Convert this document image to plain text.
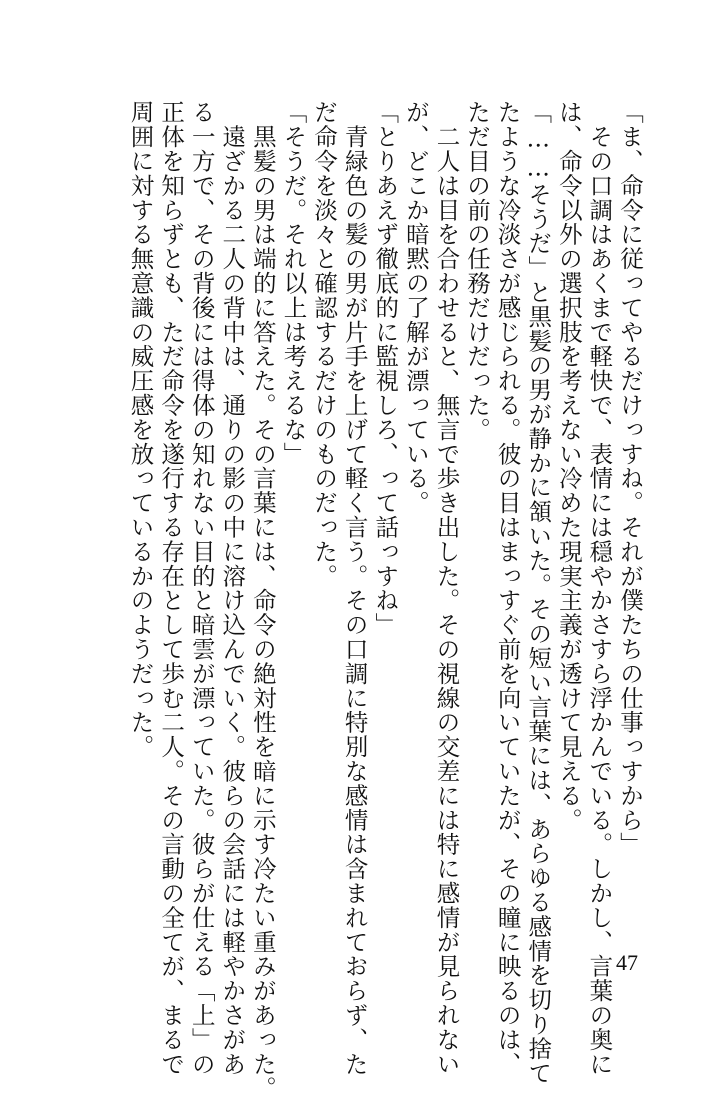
「ま、命令に従ってやるだけっすね。それが僕たちの仕事っすから」
　その口調はあくまで軽快で、表情には穏やかさすら浮かんでいる。しかし、言葉の奥に
は、命令以外の選択肢を考えない冷めた現実主義が透けて見える。
「……そうだ」と黒髪の男が静かに頷いた。その短い言葉には、あらゆる感情を切り捨て
たような冷淡さが感じられる。彼の目はまっすぐ前を向いていたが、その瞳に映るのは、
ただ目の前の任務だけだった。
　二人は目を合わせると、無言で歩き出した。その視線の交差には特に感情が見られない
が、どこか暗黙の了解が漂っている。
「とりあえず徹底的に監視しろ、って話っすね」
　青緑色の髪の男が片手を上げて軽く言う。その口調に特別な感情は含まれておらず、た
だ命令を淡々と確認するだけのものだった。
「そうだ。それ以上は考えるな」
　黒髪の男は端的に答えた。その言葉には、命令の絶対性を暗に示す冷たい重みがあった。
　遠ざかる二人の背中は、通りの影の中に溶け込んでいく。彼らの会話には軽やかさがあ
る一方で、その背後には得体の知れない目的と暗雲が漂っていた。彼らが仕える「上」の
正体を知らずとも、ただ命令を遂行する存在として歩む二人。その言動の全てが、まるで
周囲に対する無意識の威圧感を放っているかのようだった。
47
